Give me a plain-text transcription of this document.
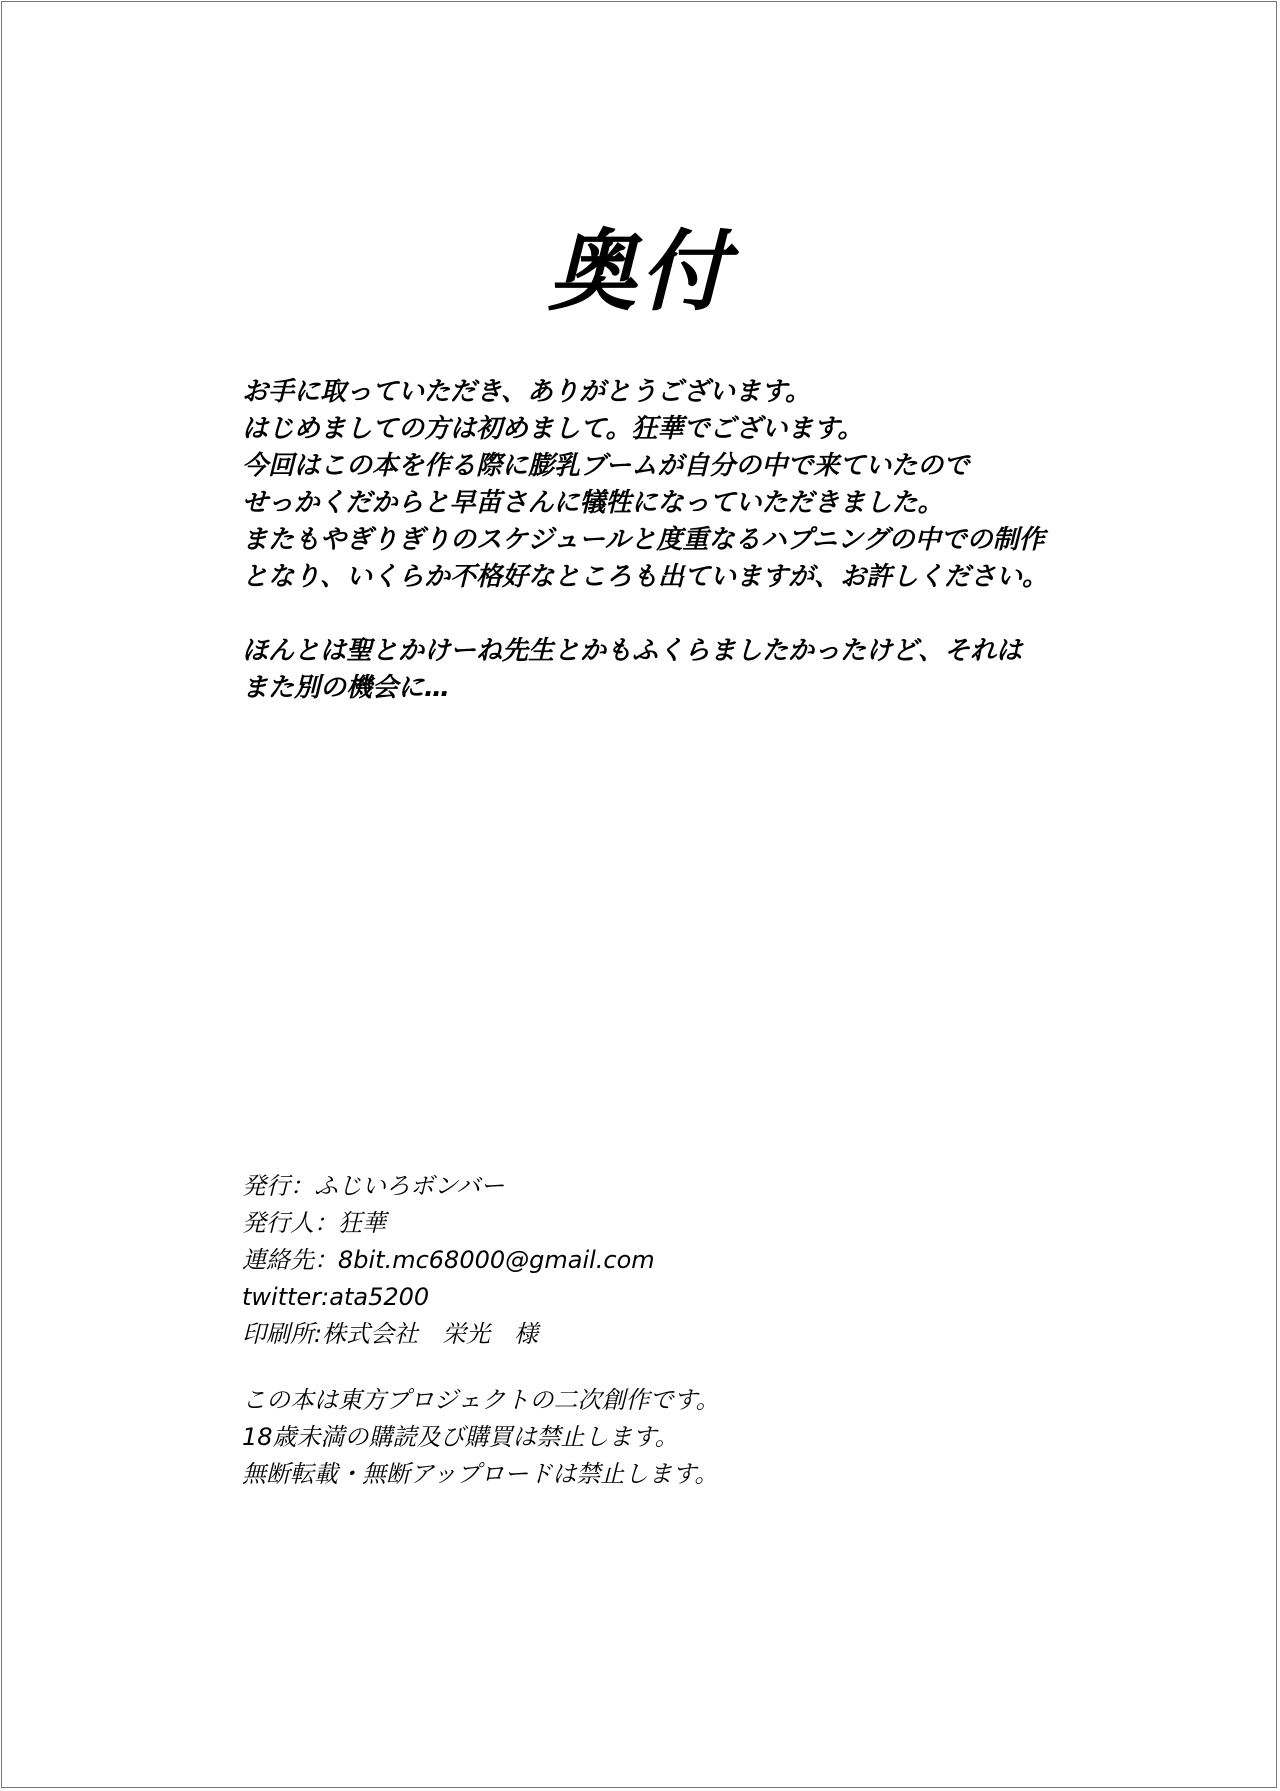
奥付
お手に取っていただき、ありがとうございます。
はじめましての方は初めまして。狂華でございます。
今回はこの本を作る際に膨乳ブームが自分の中で来ていたので
せっかくだからと早苗さんに犠牲になっていただきました。
またもやぎりぎりのスケジュールと度重なるハプニングの中での制作
となり、いくらか不格好なところも出ていますが、お許しください。
ほんとは聖とかけーね先生とかもふくらましたかったけど、それは
また別の機会に…
発行：ふじいろボンバー
発行人：狂華
連絡先：8bit.mc68000@gmail.com
twitter:ata5200
印刷所:株式会社　栄光　様
この本は東方プロジェクトの二次創作です。
18歳未満の購読及び購買は禁止します。
無断転載・無断アップロードは禁止します。
